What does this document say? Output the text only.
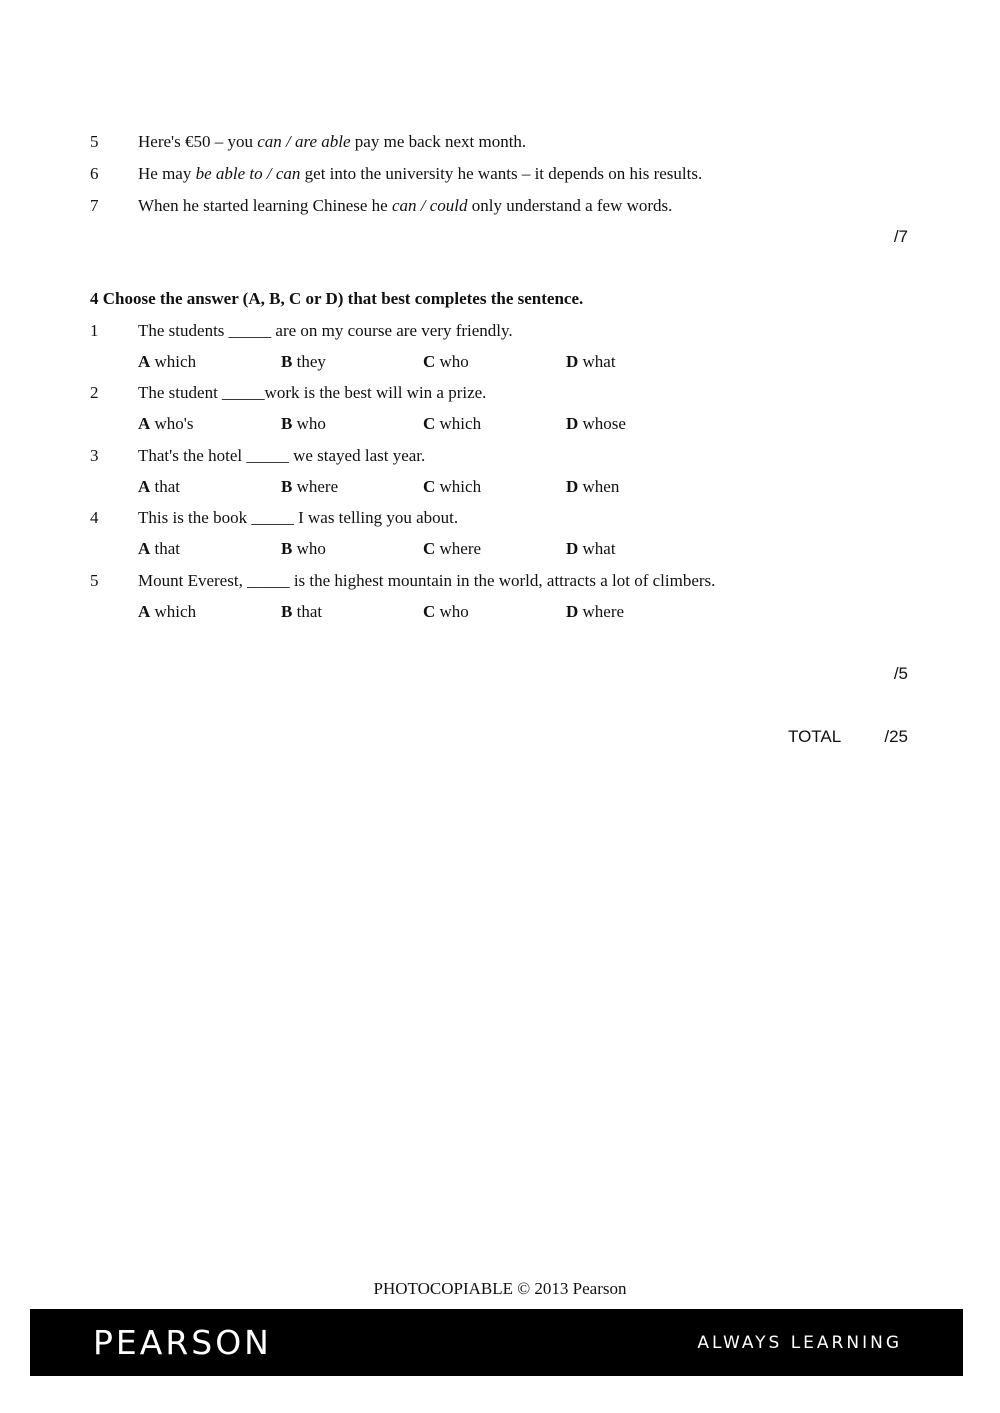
5 Here's €50 – you can / are able pay me back next month.
6 He may be able to / can get into the university he wants – it depends on his results.
7 When he started learning Chinese he can / could only understand a few words.
/7
4 Choose the answer (A, B, C or D) that best completes the sentence.
1 The students _____ are on my course are very friendly.
A which	B they	C who	D what
2 The student _____work is the best will win a prize.
A who's	B who	C which	D whose
3 That's the hotel _____ we stayed last year.
A that	B where	C which	D when
4 This is the book _____ I was telling you about.
A that	B who	C where	D what
5 Mount Everest, _____ is the highest mountain in the world, attracts a lot of climbers.
A which	B that	C who	D where
/5
TOTAL	/25
PHOTOCOPIABLE © 2013 Pearson
PEARSON	ALWAYS LEARNING
